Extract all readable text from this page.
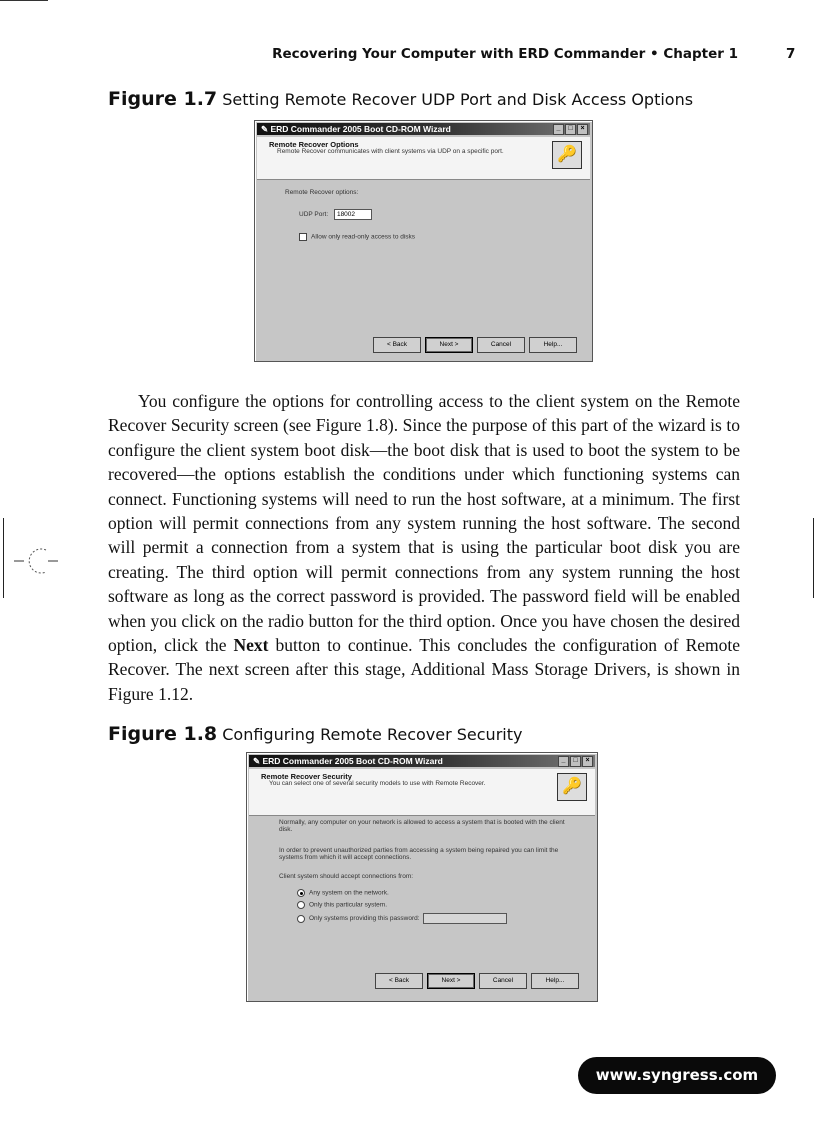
Recovering Your Computer with ERD Commander • Chapter 1	7
Figure 1.7 Setting Remote Recover UDP Port and Disk Access Options
✎ ERD Commander 2005 Boot CD-ROM Wizard	_	□	×
Remote Recover Options
Remote Recover communicates with client systems via UDP on a specific port.	🔑
Remote Recover options:
UDP Port: 18002
Allow only read-only access to disks
< Back	Next >	Cancel	Help...

You configure the options for controlling access to the client system on the Remote Recover Security screen (see Figure 1.8). Since the purpose of this part of the wizard is to configure the client system boot disk—the boot disk that is used to boot the system to be recovered—the options establish the conditions under which functioning systems can connect. Functioning systems will need to run the host software, at a minimum. The first option will permit connections from any system running the host software. The second will permit a connection from a system that is using the particular boot disk you are creating. The third option will permit connections from any system running the host software as long as the correct password is provided. The password field will be enabled when you click on the radio button for the third option. Once you have chosen the desired option, click the Next button to continue. This concludes the configuration of Remote Recover. The next screen after this stage, Additional Mass Storage Drivers, is shown in Figure 1.12.

Figure 1.8 Configuring Remote Recover Security
✎ ERD Commander 2005 Boot CD-ROM Wizard	_	□	×
Remote Recover Security
You can select one of several security models to use with Remote Recover.	🔑
Normally, any computer on your network is allowed to access a system that is booted with the client disk.
In order to prevent unauthorized parties from accessing a system being repaired you can limit the systems from which it will accept connections.
Client system should accept connections from:
Any system on the network.
Only this particular system.
Only systems providing this password:
< Back	Next >	Cancel	Help...
www.syngress.com
